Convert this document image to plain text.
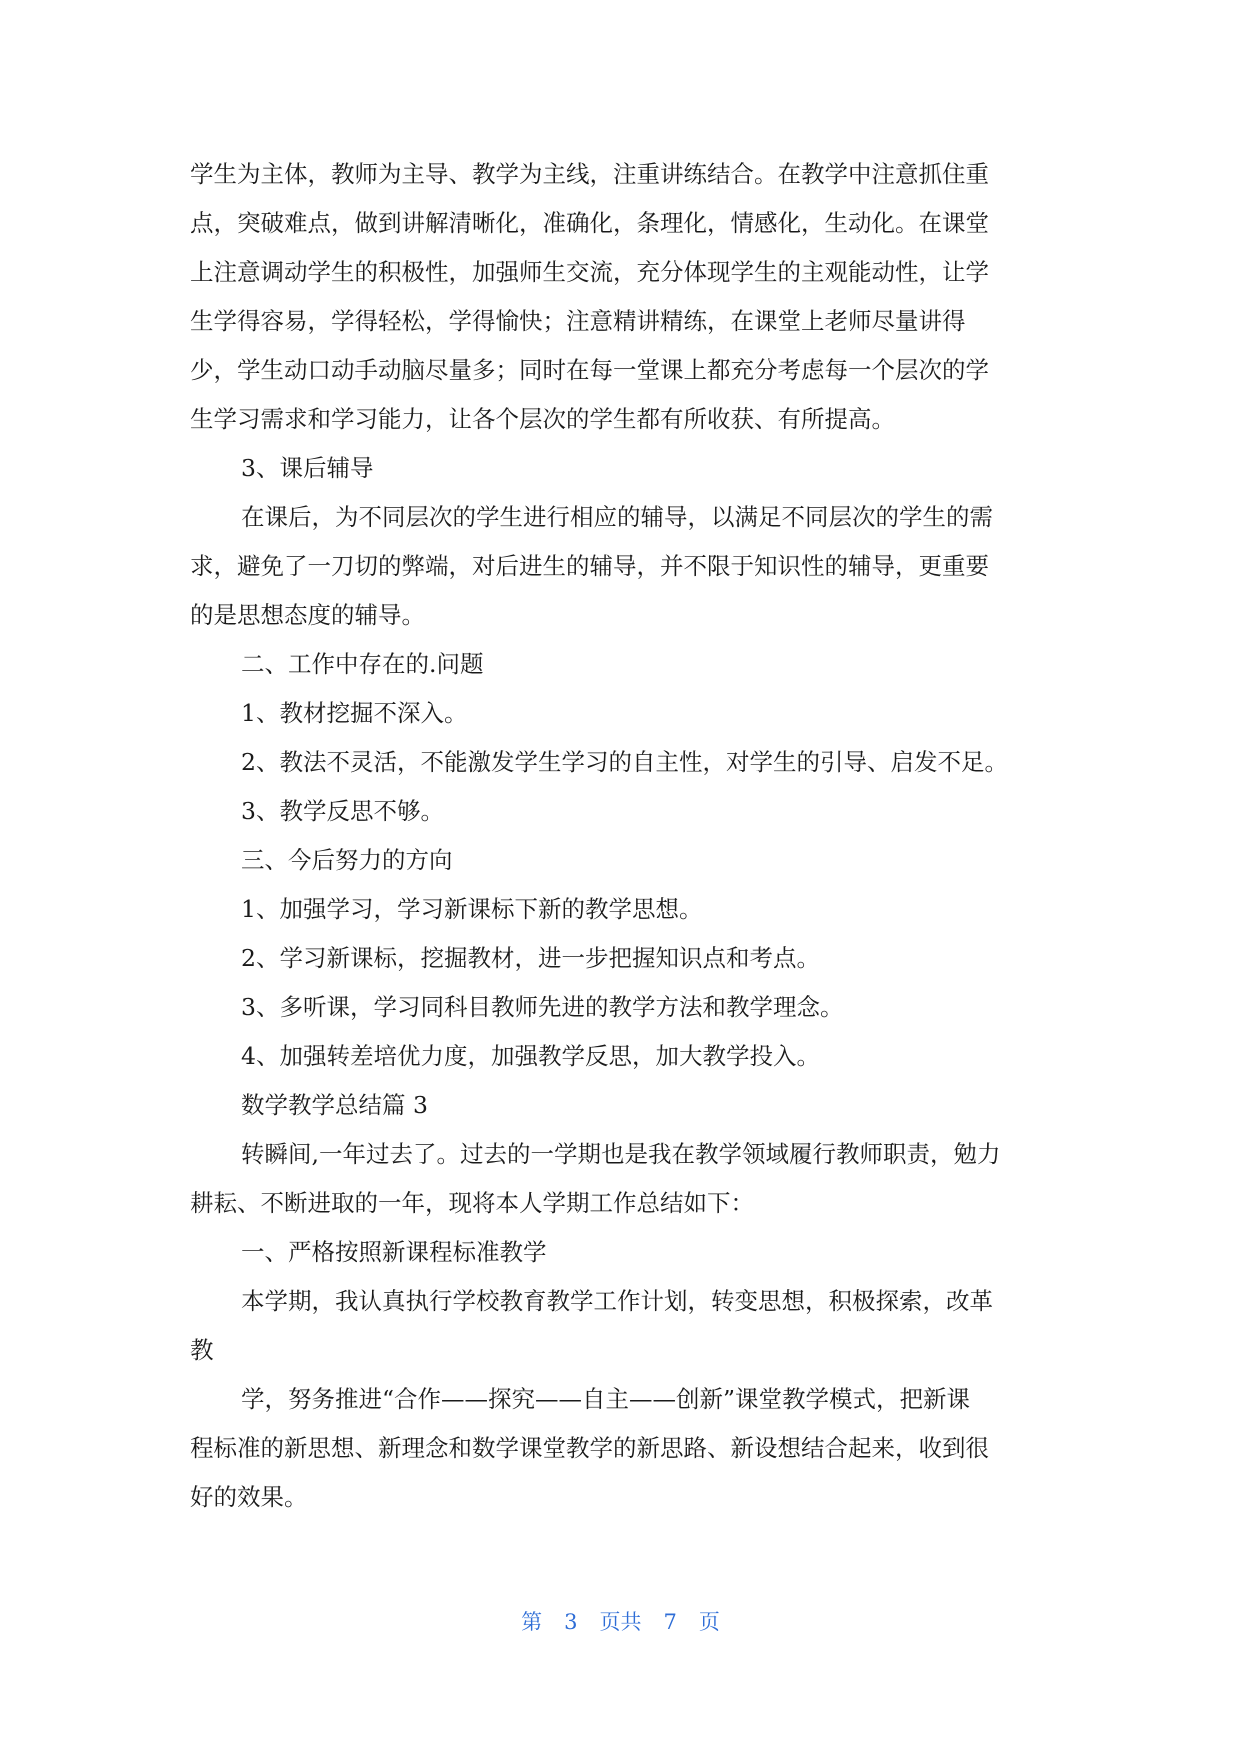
学生为主体，教师为主导、教学为主线，注重讲练结合。在教学中注意抓住重
点，突破难点，做到讲解清晰化，准确化，条理化，情感化，生动化。在课堂
上注意调动学生的积极性，加强师生交流，充分体现学生的主观能动性，让学
生学得容易，学得轻松，学得愉快；注意精讲精练，在课堂上老师尽量讲得
少，学生动口动手动脑尽量多；同时在每一堂课上都充分考虑每一个层次的学
生学习需求和学习能力，让各个层次的学生都有所收获、有所提高。
3、课后辅导
在课后，为不同层次的学生进行相应的辅导，以满足不同层次的学生的需
求，避免了一刀切的弊端，对后进生的辅导，并不限于知识性的辅导，更重要
的是思想态度的辅导。
二、工作中存在的.问题
1、教材挖掘不深入。
2、教法不灵活，不能激发学生学习的自主性，对学生的引导、启发不足。
3、教学反思不够。
三、今后努力的方向
1、加强学习，学习新课标下新的教学思想。
2、学习新课标，挖掘教材，进一步把握知识点和考点。
3、多听课，学习同科目教师先进的教学方法和教学理念。
4、加强转差培优力度，加强教学反思，加大教学投入。
数学教学总结篇 3
转瞬间,一年过去了。过去的一学期也是我在教学领域履行教师职责，勉力
耕耘、不断进取的一年，现将本人学期工作总结如下：
一、严格按照新课程标准教学
本学期，我认真执行学校教育教学工作计划，转变思想，积极探索，改革
教
学，努务推进“合作——探究——自主——创新”课堂教学模式，把新课
程标准的新思想、新理念和数学课堂教学的新思路、新设想结合起来，收到很
好的效果。
第 3 页共 7 页
